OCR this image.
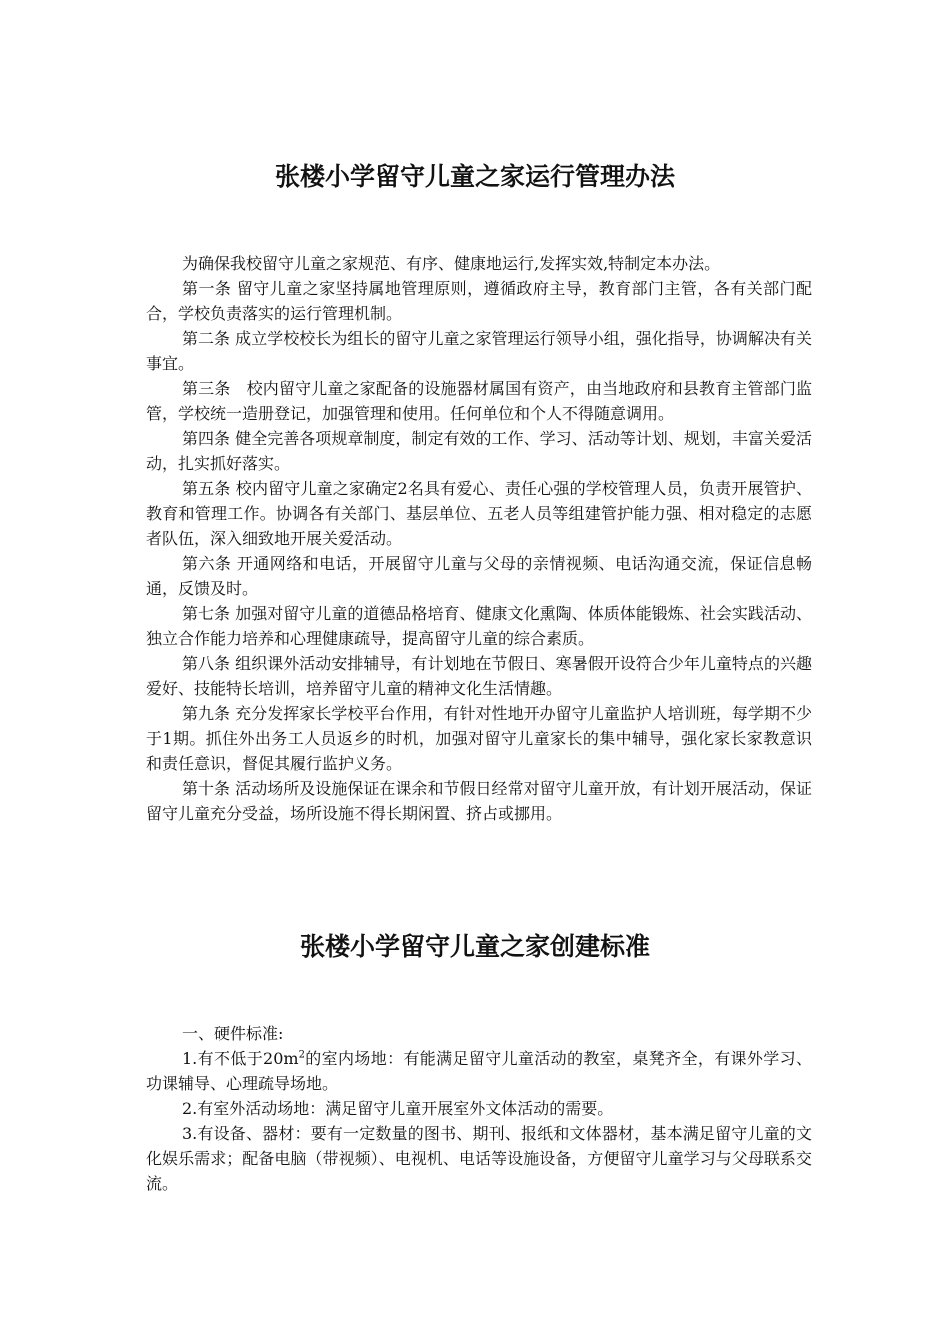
张楼小学留守儿童之家运行管理办法

为确保我校留守儿童之家规范、有序、健康地运行,发挥实效,特制定本办法。

第一条 留守儿童之家坚持属地管理原则，遵循政府主导，教育部门主管，各有关部门配合，学校负责落实的运行管理机制。

第二条 成立学校校长为组长的留守儿童之家管理运行领导小组，强化指导，协调解决有关事宜。

第三条　校内留守儿童之家配备的设施器材属国有资产，由当地政府和县教育主管部门监管，学校统一造册登记，加强管理和使用。任何单位和个人不得随意调用。

第四条 健全完善各项规章制度，制定有效的工作、学习、活动等计划、规划，丰富关爱活动，扎实抓好落实。

第五条 校内留守儿童之家确定2名具有爱心、责任心强的学校管理人员，负责开展管护、教育和管理工作。协调各有关部门、基层单位、五老人员等组建管护能力强、相对稳定的志愿者队伍，深入细致地开展关爱活动。

第六条 开通网络和电话，开展留守儿童与父母的亲情视频、电话沟通交流，保证信息畅通，反馈及时。

第七条 加强对留守儿童的道德品格培育、健康文化熏陶、体质体能锻炼、社会实践活动、独立合作能力培养和心理健康疏导，提高留守儿童的综合素质。

第八条 组织课外活动安排辅导，有计划地在节假日、寒暑假开设符合少年儿童特点的兴趣爱好、技能特长培训，培养留守儿童的精神文化生活情趣。

第九条 充分发挥家长学校平台作用，有针对性地开办留守儿童监护人培训班，每学期不少于1期。抓住外出务工人员返乡的时机，加强对留守儿童家长的集中辅导，强化家长家教意识和责任意识，督促其履行监护义务。

第十条 活动场所及设施保证在课余和节假日经常对留守儿童开放，有计划开展活动，保证留守儿童充分受益，场所设施不得长期闲置、挤占或挪用。

张楼小学留守儿童之家创建标准

一、硬件标准:

1.有不低于$20m^2$的室内场地：有能满足留守儿童活动的教室，桌凳齐全，有课外学习、功课辅导、心理疏导场地。

2.有室外活动场地：满足留守儿童开展室外文体活动的需要。

3.有设备、器材：要有一定数量的图书、期刊、报纸和文体器材，基本满足留守儿童的文化娱乐需求；配备电脑（带视频）、电视机、电话等设施设备，方便留守儿童学习与父母联系交流。
